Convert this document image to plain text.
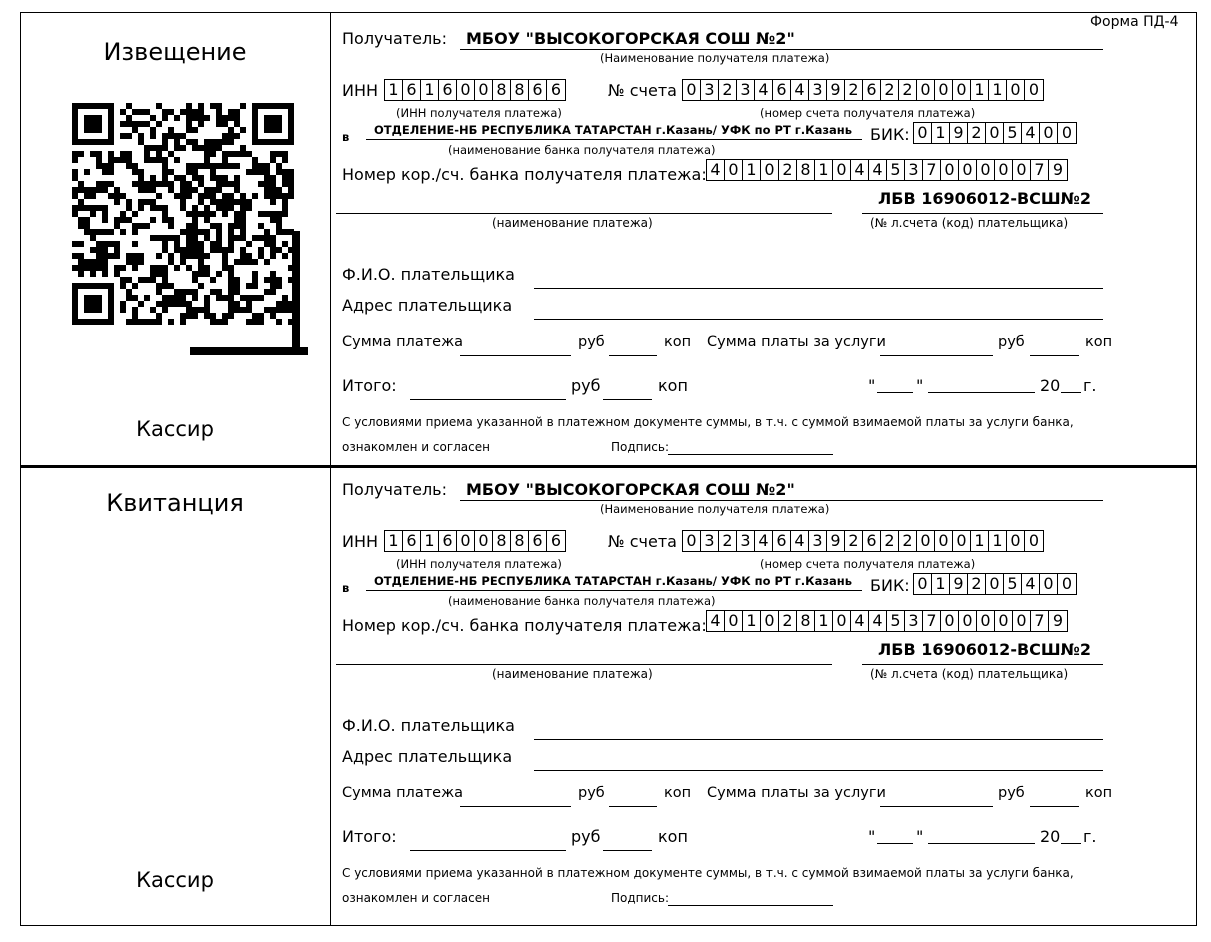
Форма ПД-4
Извещение
Квитанция
Кассир
Кассир
Получатель: МБОУ "ВЫСОКОГОРСКАЯ СОШ №2"
(Наименование получателя платежа)
ИНН 1 6 1 6 0 0 8 8 6 6
(ИНН получателя платежа)
№ счета 0 3 2 3 4 6 4 3 9 2 6 2 2 0 0 0 1 1 0 0
(номер счета получателя платежа)
в ОТДЕЛЕНИЕ-НБ РЕСПУБЛИКА ТАТАРСТАН г.Казань/ УФК по РТ г.Казань
(наименование банка получателя платежа)
БИК: 0 1 9 2 0 5 4 0 0
Номер кор./сч. банка получателя платежа: 4 0 1 0 2 8 1 0 4 4 5 3 7 0 0 0 0 0 7 9
ЛБВ 16906012-ВСШ№2
(наименование платежа)	(№ л.счета (код) плательщика)
Ф.И.О. плательщика
Адрес плательщика
Сумма платежа	руб	коп Сумма платы за услуги	руб	коп
Итого:	руб	коп	"	"	20 г.
С условиями приема указанной в платежном документе суммы, в т.ч. с суммой взимаемой платы за услуги банка,
ознакомлен и согласен	Подпись:
Получатель: МБОУ "ВЫСОКОГОРСКАЯ СОШ №2"
(Наименование получателя платежа)
ИНН 1 6 1 6 0 0 8 8 6 6
(ИНН получателя платежа)
№ счета 0 3 2 3 4 6 4 3 9 2 6 2 2 0 0 0 1 1 0 0
(номер счета получателя платежа)
в ОТДЕЛЕНИЕ-НБ РЕСПУБЛИКА ТАТАРСТАН г.Казань/ УФК по РТ г.Казань
(наименование банка получателя платежа)
БИК: 0 1 9 2 0 5 4 0 0
Номер кор./сч. банка получателя платежа: 4 0 1 0 2 8 1 0 4 4 5 3 7 0 0 0 0 0 7 9
ЛБВ 16906012-ВСШ№2
(наименование платежа)	(№ л.счета (код) плательщика)
Ф.И.О. плательщика
Адрес плательщика
Сумма платежа	руб	коп Сумма платы за услуги	руб	коп
Итого:	руб	коп	"	"	20 г.
С условиями приема указанной в платежном документе суммы, в т.ч. с суммой взимаемой платы за услуги банка,
ознакомлен и согласен	Подпись:
